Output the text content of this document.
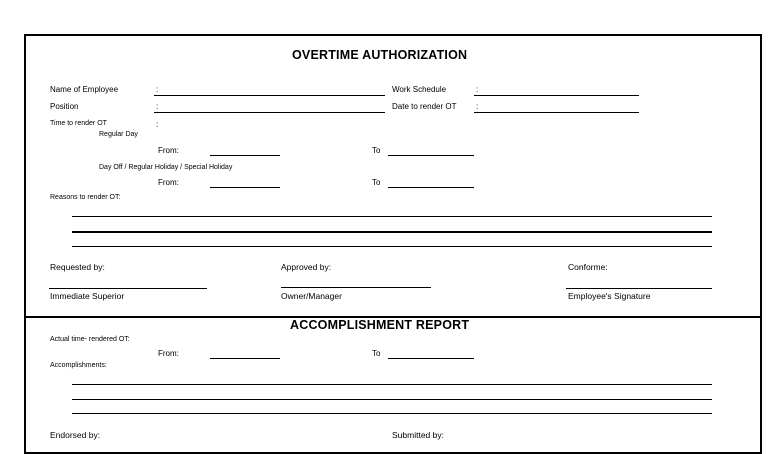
OVERTIME AUTHORIZATION
Name of Employee	:	Work Schedule	:
Position	:	Date to render OT :
Time to render OT	:
Regular Day
From:	To
Day Off / Regular Holiday / Special Holiday
From:	To
Reasons to render OT:
Requested by:	Approved by:	Conforme:
Immediate Superior	Owner/Manager	Employee's Signature
ACCOMPLISHMENT REPORT
Actual time- rendered OT:
From:	To
Accomplishments:
Endorsed by:	Submitted by:
